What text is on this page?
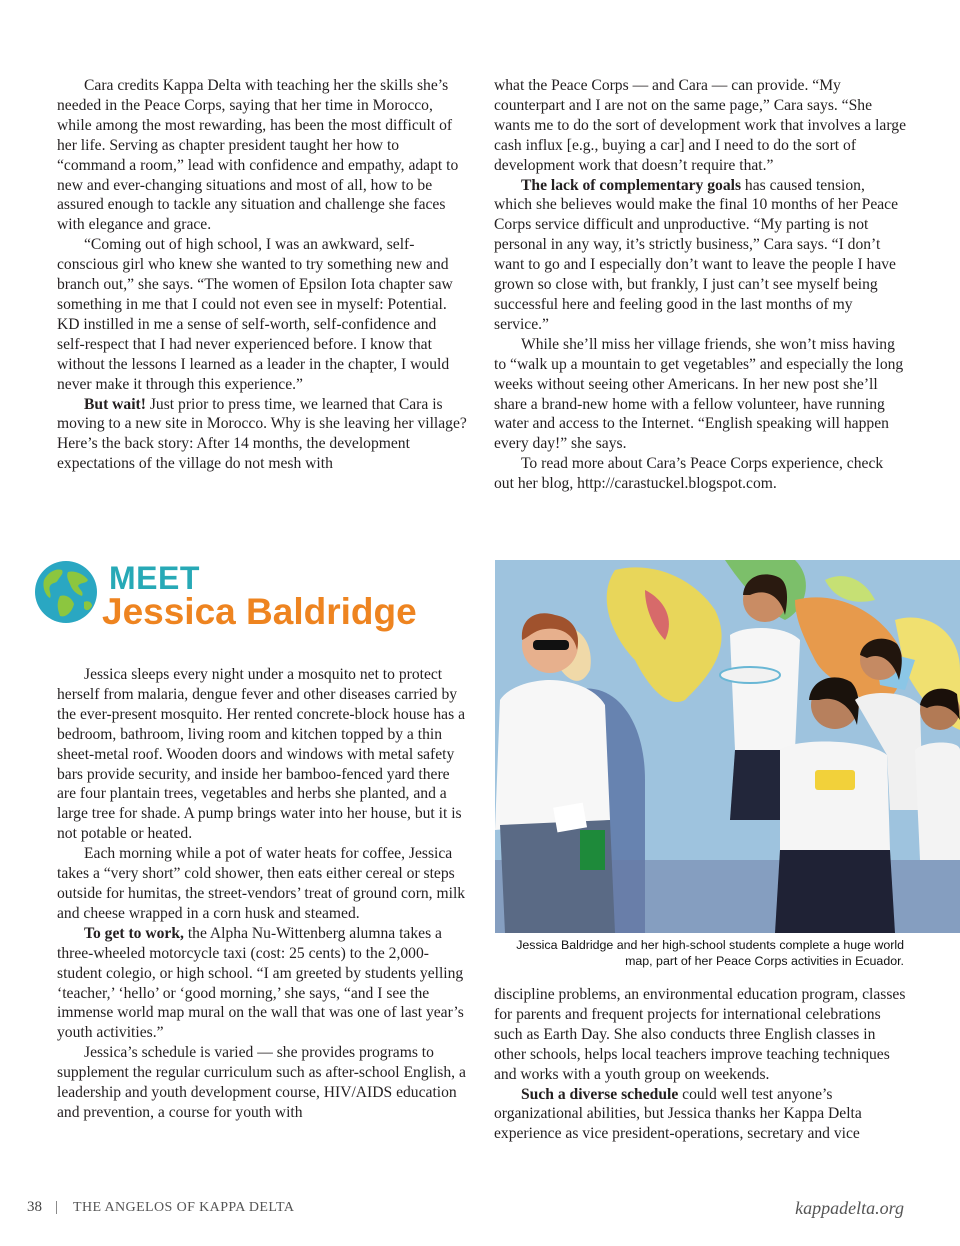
Cara credits Kappa Delta with teaching her the skills she’s needed in the Peace Corps, saying that her time in Morocco, while among the most rewarding, has been the most difficult of her life. Serving as chapter president taught her how to “command a room,” lead with confidence and empathy, adapt to new and ever-changing situations and most of all, how to be assured enough to tackle any situation and challenge she faces with elegance and grace.

“Coming out of high school, I was an awkward, self-conscious girl who knew she wanted to try something new and branch out,” she says. “The women of Epsilon Iota chapter saw something in me that I could not even see in myself: Potential. KD instilled in me a sense of self-worth, self-confidence and self-respect that I had never experienced before. I know that without the lessons I learned as a leader in the chapter, I would never make it through this experience.”

But wait! Just prior to press time, we learned that Cara is moving to a new site in Morocco. Why is she leaving her village? Here’s the back story: After 14 months, the development expectations of the village do not mesh with

what the Peace Corps — and Cara — can provide. “My counterpart and I are not on the same page,” Cara says. “She wants me to do the sort of development work that involves a large cash influx [e.g., buying a car] and I need to do the sort of development work that doesn’t require that.”

The lack of complementary goals has caused tension, which she believes would make the final 10 months of her Peace Corps service difficult and unproductive. “My parting is not personal in any way, it’s strictly business,” Cara says. “I don’t want to go and I especially don’t want to leave the people I have grown so close with, but frankly, I just can’t see myself being successful here and feeling good in the last months of my service.”

While she’ll miss her village friends, she won’t miss having to “walk up a mountain to get vegetables” and especially the long weeks without seeing other Americans. In her new post she’ll share a brand-new home with a fellow volunteer, have running water and access to the Internet. “English speaking will happen every day!” she says.

To read more about Cara’s Peace Corps experience, check out her blog, http://carastuckel.blogspot.com.

MEET
Jessica Baldridge

Jessica sleeps every night under a mosquito net to protect herself from malaria, dengue fever and other diseases carried by the ever-present mosquito. Her rented concrete-block house has a bedroom, bathroom, living room and kitchen topped by a thin sheet-metal roof. Wooden doors and windows with metal safety bars provide security, and inside her bamboo-fenced yard there are four plantain trees, vegetables and herbs she planted, and a large tree for shade. A pump brings water into her house, but it is not potable or heated.

Each morning while a pot of water heats for coffee, Jessica takes a “very short” cold shower, then eats either cereal or steps outside for humitas, the street-vendors’ treat of ground corn, milk and cheese wrapped in a corn husk and steamed.

To get to work, the Alpha Nu-Wittenberg alumna takes a three-wheeled motorcycle taxi (cost: 25 cents) to the 2,000-student colegio, or high school. “I am greeted by students yelling ‘teacher,’ ‘hello’ or ‘good morning,’ she says, “and I see the immense world map mural on the wall that was one of last year’s youth activities.”

Jessica’s schedule is varied — she provides programs to supplement the regular curriculum such as after-school English, a leadership and youth development course, HIV/AIDS education and prevention, a course for youth with

Jessica Baldridge and her high-school students complete a huge world map, part of her Peace Corps activities in Ecuador.

discipline problems, an environmental education program, classes for parents and frequent projects for international celebrations such as Earth Day. She also conducts three English classes in other schools, helps local teachers improve teaching techniques and works with a youth group on weekends.

Such a diverse schedule could well test anyone’s organizational abilities, but Jessica thanks her Kappa Delta experience as vice president-operations, secretary and vice

38 | THE ANGELOS OF KAPPA DELTA	kappadelta.org
